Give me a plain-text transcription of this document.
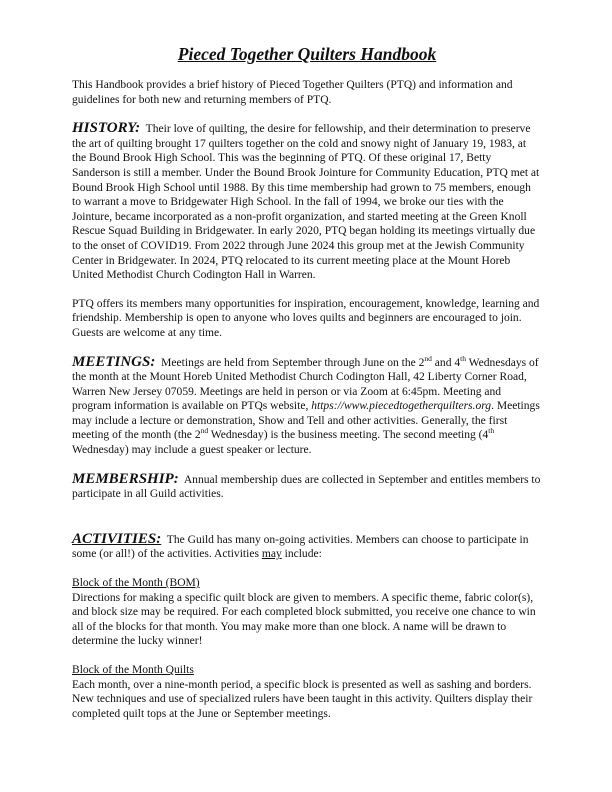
Pieced Together Quilters Handbook

This Handbook provides a brief history of Pieced Together Quilters (PTQ) and information and guidelines for both new and returning members of PTQ.

HISTORY: Their love of quilting, the desire for fellowship, and their determination to preserve the art of quilting brought 17 quilters together on the cold and snowy night of January 19, 1983, at the Bound Brook High School. This was the beginning of PTQ. Of these original 17, Betty Sanderson is still a member. Under the Bound Brook Jointure for Community Education, PTQ met at Bound Brook High School until 1988. By this time membership had grown to 75 members, enough to warrant a move to Bridgewater High School. In the fall of 1994, we broke our ties with the Jointure, became incorporated as a non-profit organization, and started meeting at the Green Knoll Rescue Squad Building in Bridgewater. In early 2020, PTQ began holding its meetings virtually due to the onset of COVID19. From 2022 through June 2024 this group met at the Jewish Community Center in Bridgewater. In 2024, PTQ relocated to its current meeting place at the Mount Horeb United Methodist Church Codington Hall in Warren.

PTQ offers its members many opportunities for inspiration, encouragement, knowledge, learning and friendship. Membership is open to anyone who loves quilts and beginners are encouraged to join. Guests are welcome at any time.

MEETINGS: Meetings are held from September through June on the 2nd and 4th Wednesdays of the month at the Mount Horeb United Methodist Church Codington Hall, 42 Liberty Corner Road, Warren New Jersey 07059. Meetings are held in person or via Zoom at 6:45pm. Meeting and program information is available on PTQs website, https://www.piecedtogetherquilters.org. Meetings may include a lecture or demonstration, Show and Tell and other activities. Generally, the first meeting of the month (the 2nd Wednesday) is the business meeting. The second meeting (4th Wednesday) may include a guest speaker or lecture.

MEMBERSHIP: Annual membership dues are collected in September and entitles members to participate in all Guild activities.

ACTIVITIES: The Guild has many on-going activities. Members can choose to participate in some (or all!) of the activities. Activities may include:

Block of the Month (BOM)
Directions for making a specific quilt block are given to members. A specific theme, fabric color(s), and block size may be required. For each completed block submitted, you receive one chance to win all of the blocks for that month. You may make more than one block. A name will be drawn to determine the lucky winner!

Block of the Month Quilts
Each month, over a nine-month period, a specific block is presented as well as sashing and borders. New techniques and use of specialized rulers have been taught in this activity. Quilters display their completed quilt tops at the June or September meetings.
